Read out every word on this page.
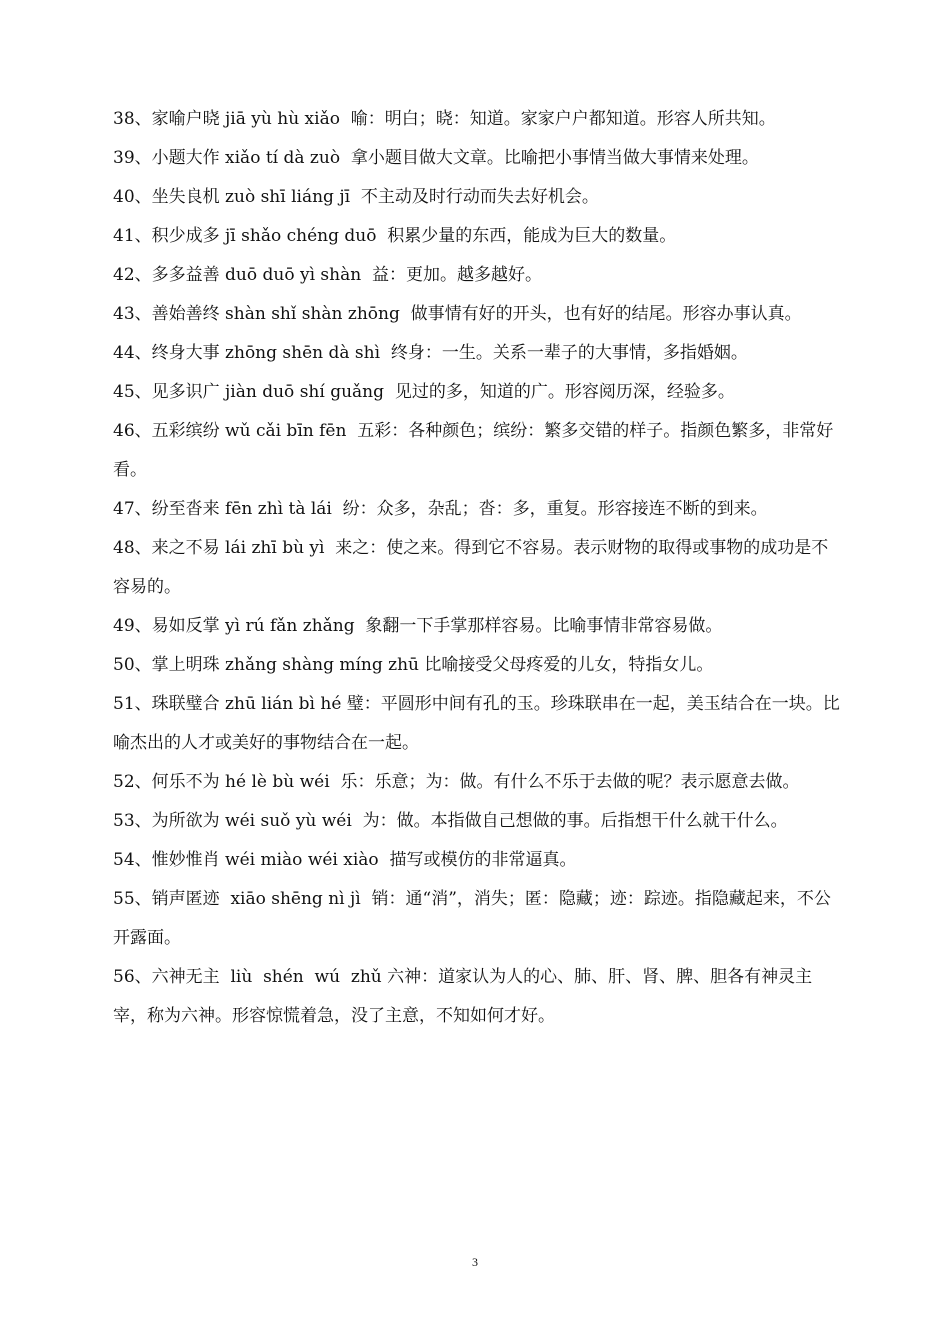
38、家喻户晓 jiā yù hù xiǎo  喻：明白；晓：知道。家家户户都知道。形容人所共知。

39、小题大作 xiǎo tí dà zuò  拿小题目做大文章。比喻把小事情当做大事情来处理。

40、坐失良机 zuò shī liáng jī  不主动及时行动而失去好机会。

41、积少成多 jī shǎo chéng duō  积累少量的东西，能成为巨大的数量。

42、多多益善 duō duō yì shàn  益：更加。越多越好。

43、善始善终 shàn shǐ shàn zhōng  做事情有好的开头，也有好的结尾。形容办事认真。

44、终身大事 zhōng shēn dà shì  终身：一生。关系一辈子的大事情，多指婚姻。

45、见多识广 jiàn duō shí guǎng  见过的多，知道的广。形容阅历深，经验多。

46、五彩缤纷 wǔ cǎi bīn fēn  五彩：各种颜色；缤纷：繁多交错的样子。指颜色繁多，非常好看。

47、纷至沓来 fēn zhì tà lái  纷：众多，杂乱；沓：多，重复。形容接连不断的到来。

48、来之不易 lái zhī bù yì  来之：使之来。得到它不容易。表示财物的取得或事物的成功是不容易的。

49、易如反掌 yì rú fǎn zhǎng  象翻一下手掌那样容易。比喻事情非常容易做。

50、掌上明珠 zhǎng shàng míng zhū 比喻接受父母疼爱的儿女，特指女儿。

51、珠联璧合 zhū lián bì hé 璧：平圆形中间有孔的玉。珍珠联串在一起，美玉结合在一块。比喻杰出的人才或美好的事物结合在一起。

52、何乐不为 hé lè bù wéi  乐：乐意；为：做。有什么不乐于去做的呢？表示愿意去做。

53、为所欲为 wéi suǒ yù wéi  为：做。本指做自己想做的事。后指想干什么就干什么。

54、惟妙惟肖 wéi miào wéi xiào  描写或模仿的非常逼真。

55、销声匿迹  xiāo shēng nì jì  销：通“消”，消失；匿：隐藏；迹：踪迹。指隐藏起来，不公开露面。

56、六神无主  liù  shén  wú  zhǔ 六神：道家认为人的心、肺、肝、肾、脾、胆各有神灵主宰，称为六神。形容惊慌着急，没了主意，不知如何才好。

3
